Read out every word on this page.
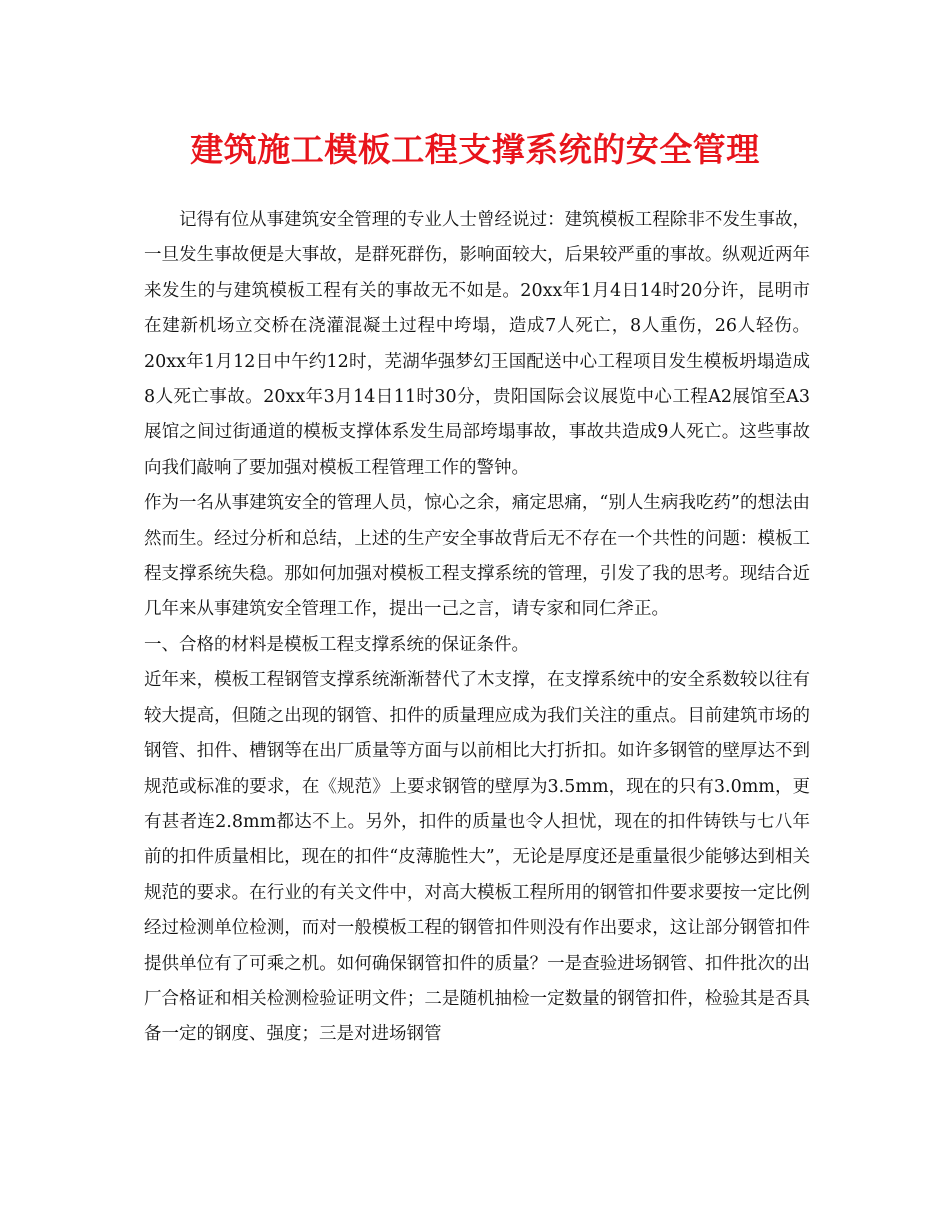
建筑施工模板工程支撑系统的安全管理

记得有位从事建筑安全管理的专业人士曾经说过：建筑模板工程除非不发生事故，一旦发生事故便是大事故，是群死群伤，影响面较大，后果较严重的事故。纵观近两年来发生的与建筑模板工程有关的事故无不如是。20xx年1月4日14时20分许，昆明市在建新机场立交桥在浇灌混凝土过程中垮塌，造成7人死亡，8人重伤，26人轻伤。20xx年1月12日中午约12时，芜湖华强梦幻王国配送中心工程项目发生模板坍塌造成8人死亡事故。20xx年3月14日11时30分，贵阳国际会议展览中心工程A2展馆至A3展馆之间过街通道的模板支撑体系发生局部垮塌事故，事故共造成9人死亡。这些事故向我们敲响了要加强对模板工程管理工作的警钟。

作为一名从事建筑安全的管理人员，惊心之余，痛定思痛，“别人生病我吃药”的想法由然而生。经过分析和总结，上述的生产安全事故背后无不存在一个共性的问题：模板工程支撑系统失稳。那如何加强对模板工程支撑系统的管理，引发了我的思考。现结合近几年来从事建筑安全管理工作，提出一己之言，请专家和同仁斧正。

一、合格的材料是模板工程支撑系统的保证条件。

近年来，模板工程钢管支撑系统渐渐替代了木支撑，在支撑系统中的安全系数较以往有较大提高，但随之出现的钢管、扣件的质量理应成为我们关注的重点。目前建筑市场的钢管、扣件、槽钢等在出厂质量等方面与以前相比大打折扣。如许多钢管的壁厚达不到规范或标准的要求，在《规范》上要求钢管的壁厚为3.5mm，现在的只有3.0mm，更有甚者连2.8mm都达不上。另外，扣件的质量也令人担忧，现在的扣件铸铁与七八年前的扣件质量相比，现在的扣件“皮薄脆性大”，无论是厚度还是重量很少能够达到相关规范的要求。在行业的有关文件中，对高大模板工程所用的钢管扣件要求要按一定比例经过检测单位检测，而对一般模板工程的钢管扣件则没有作出要求，这让部分钢管扣件提供单位有了可乘之机。如何确保钢管扣件的质量？一是查验进场钢管、扣件批次的出厂合格证和相关检测检验证明文件；二是随机抽检一定数量的钢管扣件，检验其是否具备一定的钢度、强度；三是对进场钢管
